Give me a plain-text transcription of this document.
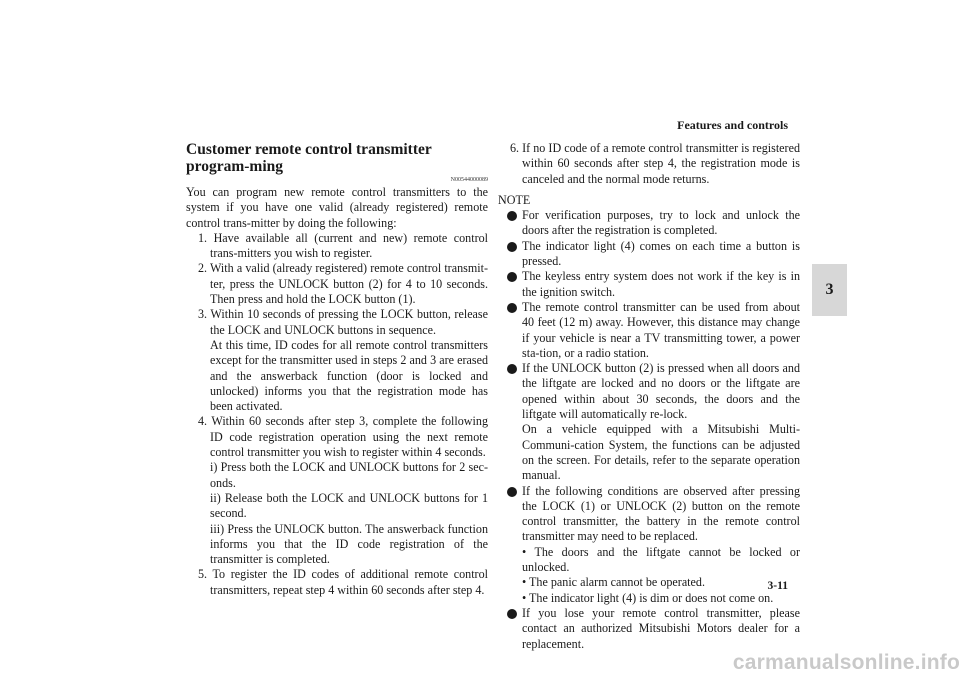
Features and controls
3
Customer remote control transmitter program-ming
N00544000089

You can program new remote control transmitters to the system if you have one valid (already registered) remote control trans-mitter by doing the following:

1. Have available all (current and new) remote control trans-mitters you wish to register.

2. With a valid (already registered) remote control transmit-ter, press the UNLOCK button (2) for 4 to 10 seconds. Then press and hold the LOCK button (1).

3. Within 10 seconds of pressing the LOCK button, release the LOCK and UNLOCK buttons in sequence.

At this time, ID codes for all remote control transmitters except for the transmitter used in steps 2 and 3 are erased and the answerback function (door is locked and unlocked) informs you that the registration mode has been activated.

4. Within 60 seconds after step 3, complete the following ID code registration operation using the next remote control transmitter you wish to register within 4 seconds.

i) Press both the LOCK and UNLOCK buttons for 2 sec-onds.

ii) Release both the LOCK and UNLOCK buttons for 1 second.

iii) Press the UNLOCK button. The answerback function informs you that the ID code registration of the transmitter is completed.

5. To register the ID codes of additional remote control transmitters, repeat step 4 within 60 seconds after step 4.

6. If no ID code of a remote control transmitter is registered within 60 seconds after step 4, the registration mode is canceled and the normal mode returns.

NOTE

For verification purposes, try to lock and unlock the doors after the registration is completed.

The indicator light (4) comes on each time a button is pressed.

The keyless entry system does not work if the key is in the ignition switch.

The remote control transmitter can be used from about 40 feet (12 m) away. However, this distance may change if your vehicle is near a TV transmitting tower, a power sta-tion, or a radio station.

If the UNLOCK button (2) is pressed when all doors and the liftgate are locked and no doors or the liftgate are opened within about 30 seconds, the doors and the liftgate will automatically re-lock.

On a vehicle equipped with a Mitsubishi Multi-Communi-cation System, the functions can be adjusted on the screen. For details, refer to the separate operation manual.

If the following conditions are observed after pressing the LOCK (1) or UNLOCK (2) button on the remote control transmitter, the battery in the remote control transmitter may need to be replaced.

• The doors and the liftgate cannot be locked or unlocked.

• The panic alarm cannot be operated.

• The indicator light (4) is dim or does not come on.

If you lose your remote control transmitter, please contact an authorized Mitsubishi Motors dealer for a replacement.

3-11
carmanualsonline.info
